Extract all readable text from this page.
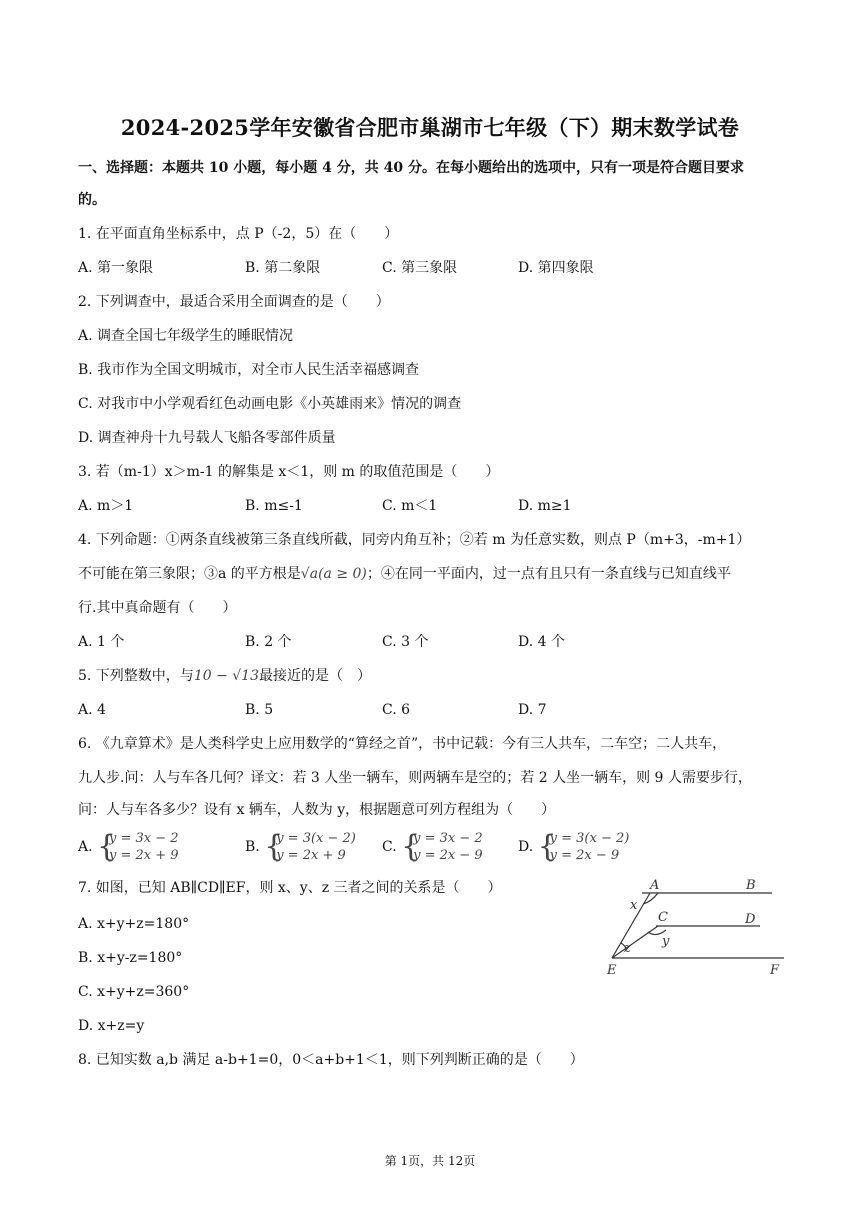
2024-2025学年安徽省合肥市巢湖市七年级（下）期末数学试卷
一、选择题：本题共 10 小题，每小题 4 分，共 40 分。在每小题给出的选项中，只有一项是符合题目要求
的。
1. 在平面直角坐标系中，点 P（-2，5）在（　　）
A. 第一象限	B. 第二象限	C. 第三象限	D. 第四象限
2. 下列调查中，最适合采用全面调查的是（　　）
A. 调查全国七年级学生的睡眠情况
B. 我市作为全国文明城市，对全市人民生活幸福感调查
C. 对我市中小学观看红色动画电影《小英雄雨来》情况的调查
D. 调查神舟十九号载人飞船各零部件质量
3. 若（m-1）x＞m-1 的解集是 x＜1，则 m 的取值范围是（　　）
A. m＞1	B. m≤-1	C. m＜1	D. m≥1
4. 下列命题：①两条直线被第三条直线所截，同旁内角互补；②若 m 为任意实数，则点 P（m+3，-m+1）
不可能在第三象限；③a 的平方根是√a(a ≥ 0)；④在同一平面内，过一点有且只有一条直线与已知直线平
行.其中真命题有（　　）
A. 1 个	B. 2 个	C. 3 个	D. 4 个
5. 下列整数中，与10 − √13最接近的是（　）
A. 4	B. 5	C. 6	D. 7
6. 《九章算术》是人类科学史上应用数学的“算经之首”，书中记载：今有三人共车，二车空；二人共车，
九人步.问：人与车各几何？译文：若 3 人坐一辆车，则两辆车是空的；若 2 人坐一辆车，则 9 人需要步行，
问：人与车各多少？设有 x 辆车，人数为 y，根据题意可列方程组为（　　）
A. {
y = 3x − 2
y = 2x + 9
B. {
y = 3(x − 2)
y = 2x + 9
C. {
y = 3x − 2
y = 2x − 9
D. {
y = 3(x − 2)
y = 2x − 9
7. 如图，已知 AB∥CD∥EF，则 x、y、z 三者之间的关系是（　　）
A. x+y+z=180°
B. x+y-z=180°
C. x+y+z=360°
D. x+z=y
A	B
C	D
E	F
x
y
z
8. 已知实数 a,b 满足 a-b+1=0，0＜a+b+1＜1，则下列判断正确的是（　　）
第 1页，共 12页
